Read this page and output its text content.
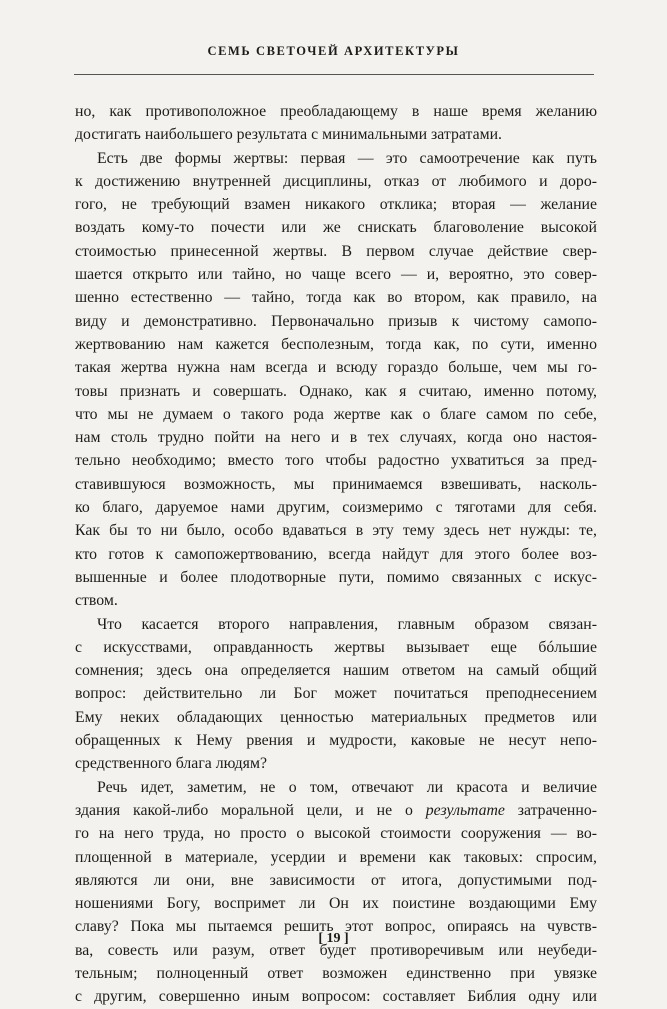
СЕМЬ СВЕТОЧЕЙ АРХИТЕКТУРЫ
но, как противоположное преобладающему в наше время желанию
достигать наибольшего результата с минимальными затратами.
Есть две формы жертвы: первая — это самоотречение как путь
к достижению внутренней дисциплины, отказ от любимого и доро-
гого, не требующий взамен никакого отклика; вторая — желание
воздать кому-то почести или же снискать благоволение высокой
стоимостью принесенной жертвы. В первом случае действие свер-
шается открыто или тайно, но чаще всего — и, вероятно, это совер-
шенно естественно — тайно, тогда как во втором, как правило, на
виду и демонстративно. Первоначально призыв к чистому самопо-
жертвованию нам кажется бесполезным, тогда как, по сути, именно
такая жертва нужна нам всегда и всюду гораздо больше, чем мы го-
товы признать и совершать. Однако, как я считаю, именно потому,
что мы не думаем о такого рода жертве как о благе самом по себе,
нам столь трудно пойти на него и в тех случаях, когда оно настоя-
тельно необходимо; вместо того чтобы радостно ухватиться за пред-
ставившуюся возможность, мы принимаемся взвешивать, насколь-
ко благо, даруемое нами другим, соизмеримо с тяготами для себя.
Как бы то ни было, особо вдаваться в эту тему здесь нет нужды: те,
кто готов к самопожертвованию, всегда найдут для этого более воз-
вышенные и более плодотворные пути, помимо связанных с искус-
ством.
Что касается второго направления, главным образом связан-
с искусствами, оправданность жертвы вызывает еще бóльшие
сомнения; здесь она определяется нашим ответом на самый общий
вопрос: действительно ли Бог может почитаться преподнесением
Ему неких обладающих ценностью материальных предметов или
обращенных к Нему рвения и мудрости, каковые не несут непо-
средственного блага людям?
Речь идет, заметим, не о том, отвечают ли красота и величие
здания какой-либо моральной цели, и не о результате затраченно-
го на него труда, но просто о высокой стоимости сооружения — во-
площенной в материале, усердии и времени как таковых: спросим,
являются ли они, вне зависимости от итога, допустимыми под-
ношениями Богу, воспримет ли Он их поистине воздающими Ему
славу? Пока мы пытаемся решить этот вопрос, опираясь на чувств-
ва, совесть или разум, ответ будет противоречивым или неубеди-
тельным; полноценный ответ возможен единственно при увязке
с другим, совершенно иным вопросом: составляет Библия одну или
[ 19 ]
